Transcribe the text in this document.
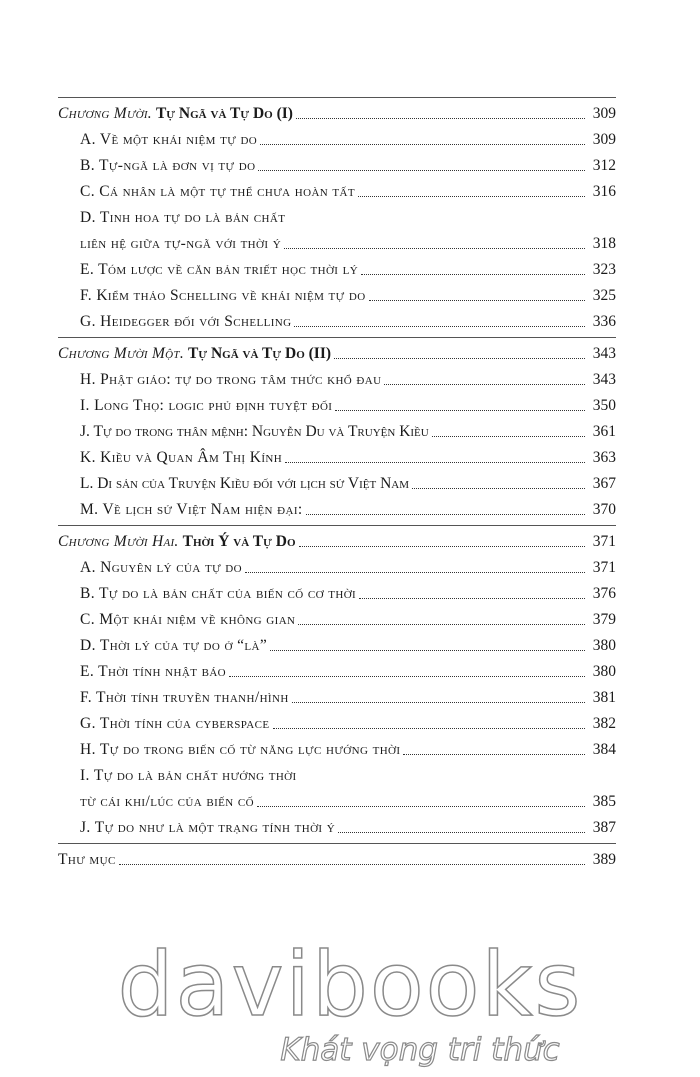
Chương Mười. Tự Ngã và Tự Do (I)	309
A. Về một khái niệm tự do	309
B. Tự-ngã là đơn vị tự do	312
C. Cá nhân là một tự thể chưa hoàn tất	316
D. Tinh hoa tự do là bản chất
liên hệ giữa tự-ngã với thời ý	318
E. Tóm lược về căn bản triết học thời lý	323
F. Kiểm thảo Schelling về khái niệm tự do	325
G. Heidegger đối với Schelling	336
Chương Mười Một. Tự Ngã và Tự Do (II)	343
H. Phật giáo: tự do trong tâm thức khổ đau	343
I. Long Thọ: logic phủ định tuyệt đối	350
J. Tự do trong thân mệnh: Nguyễn Du và Truyện Kiều	361
K. Kiều và Quan Âm Thị Kính	363
L. Di sản của Truyện Kiều đối với lịch sử Việt Nam	367
M. Về lịch sử Việt Nam hiện đại:	370
Chương Mười Hai. Thời Ý và Tự Do	371
A. Nguyên lý của tự do	371
B. Tự do là bản chất của biến cố cơ thời	376
C. Một khái niệm về không gian	379
D. Thời lý của tự do ở “là”	380
E. Thời tính nhật báo	380
F. Thời tính truyền thanh/hình	381
G. Thời tính của cyberspace	382
H. Tự do trong biến cố từ năng lực hướng thời	384
I. Tự do là bản chất hướng thời
từ cái khi/lúc của biến cố	385
J. Tự do như là một trạng tính thời ý	387
Thư mục	389
davibooks
Khát vọng tri thức
